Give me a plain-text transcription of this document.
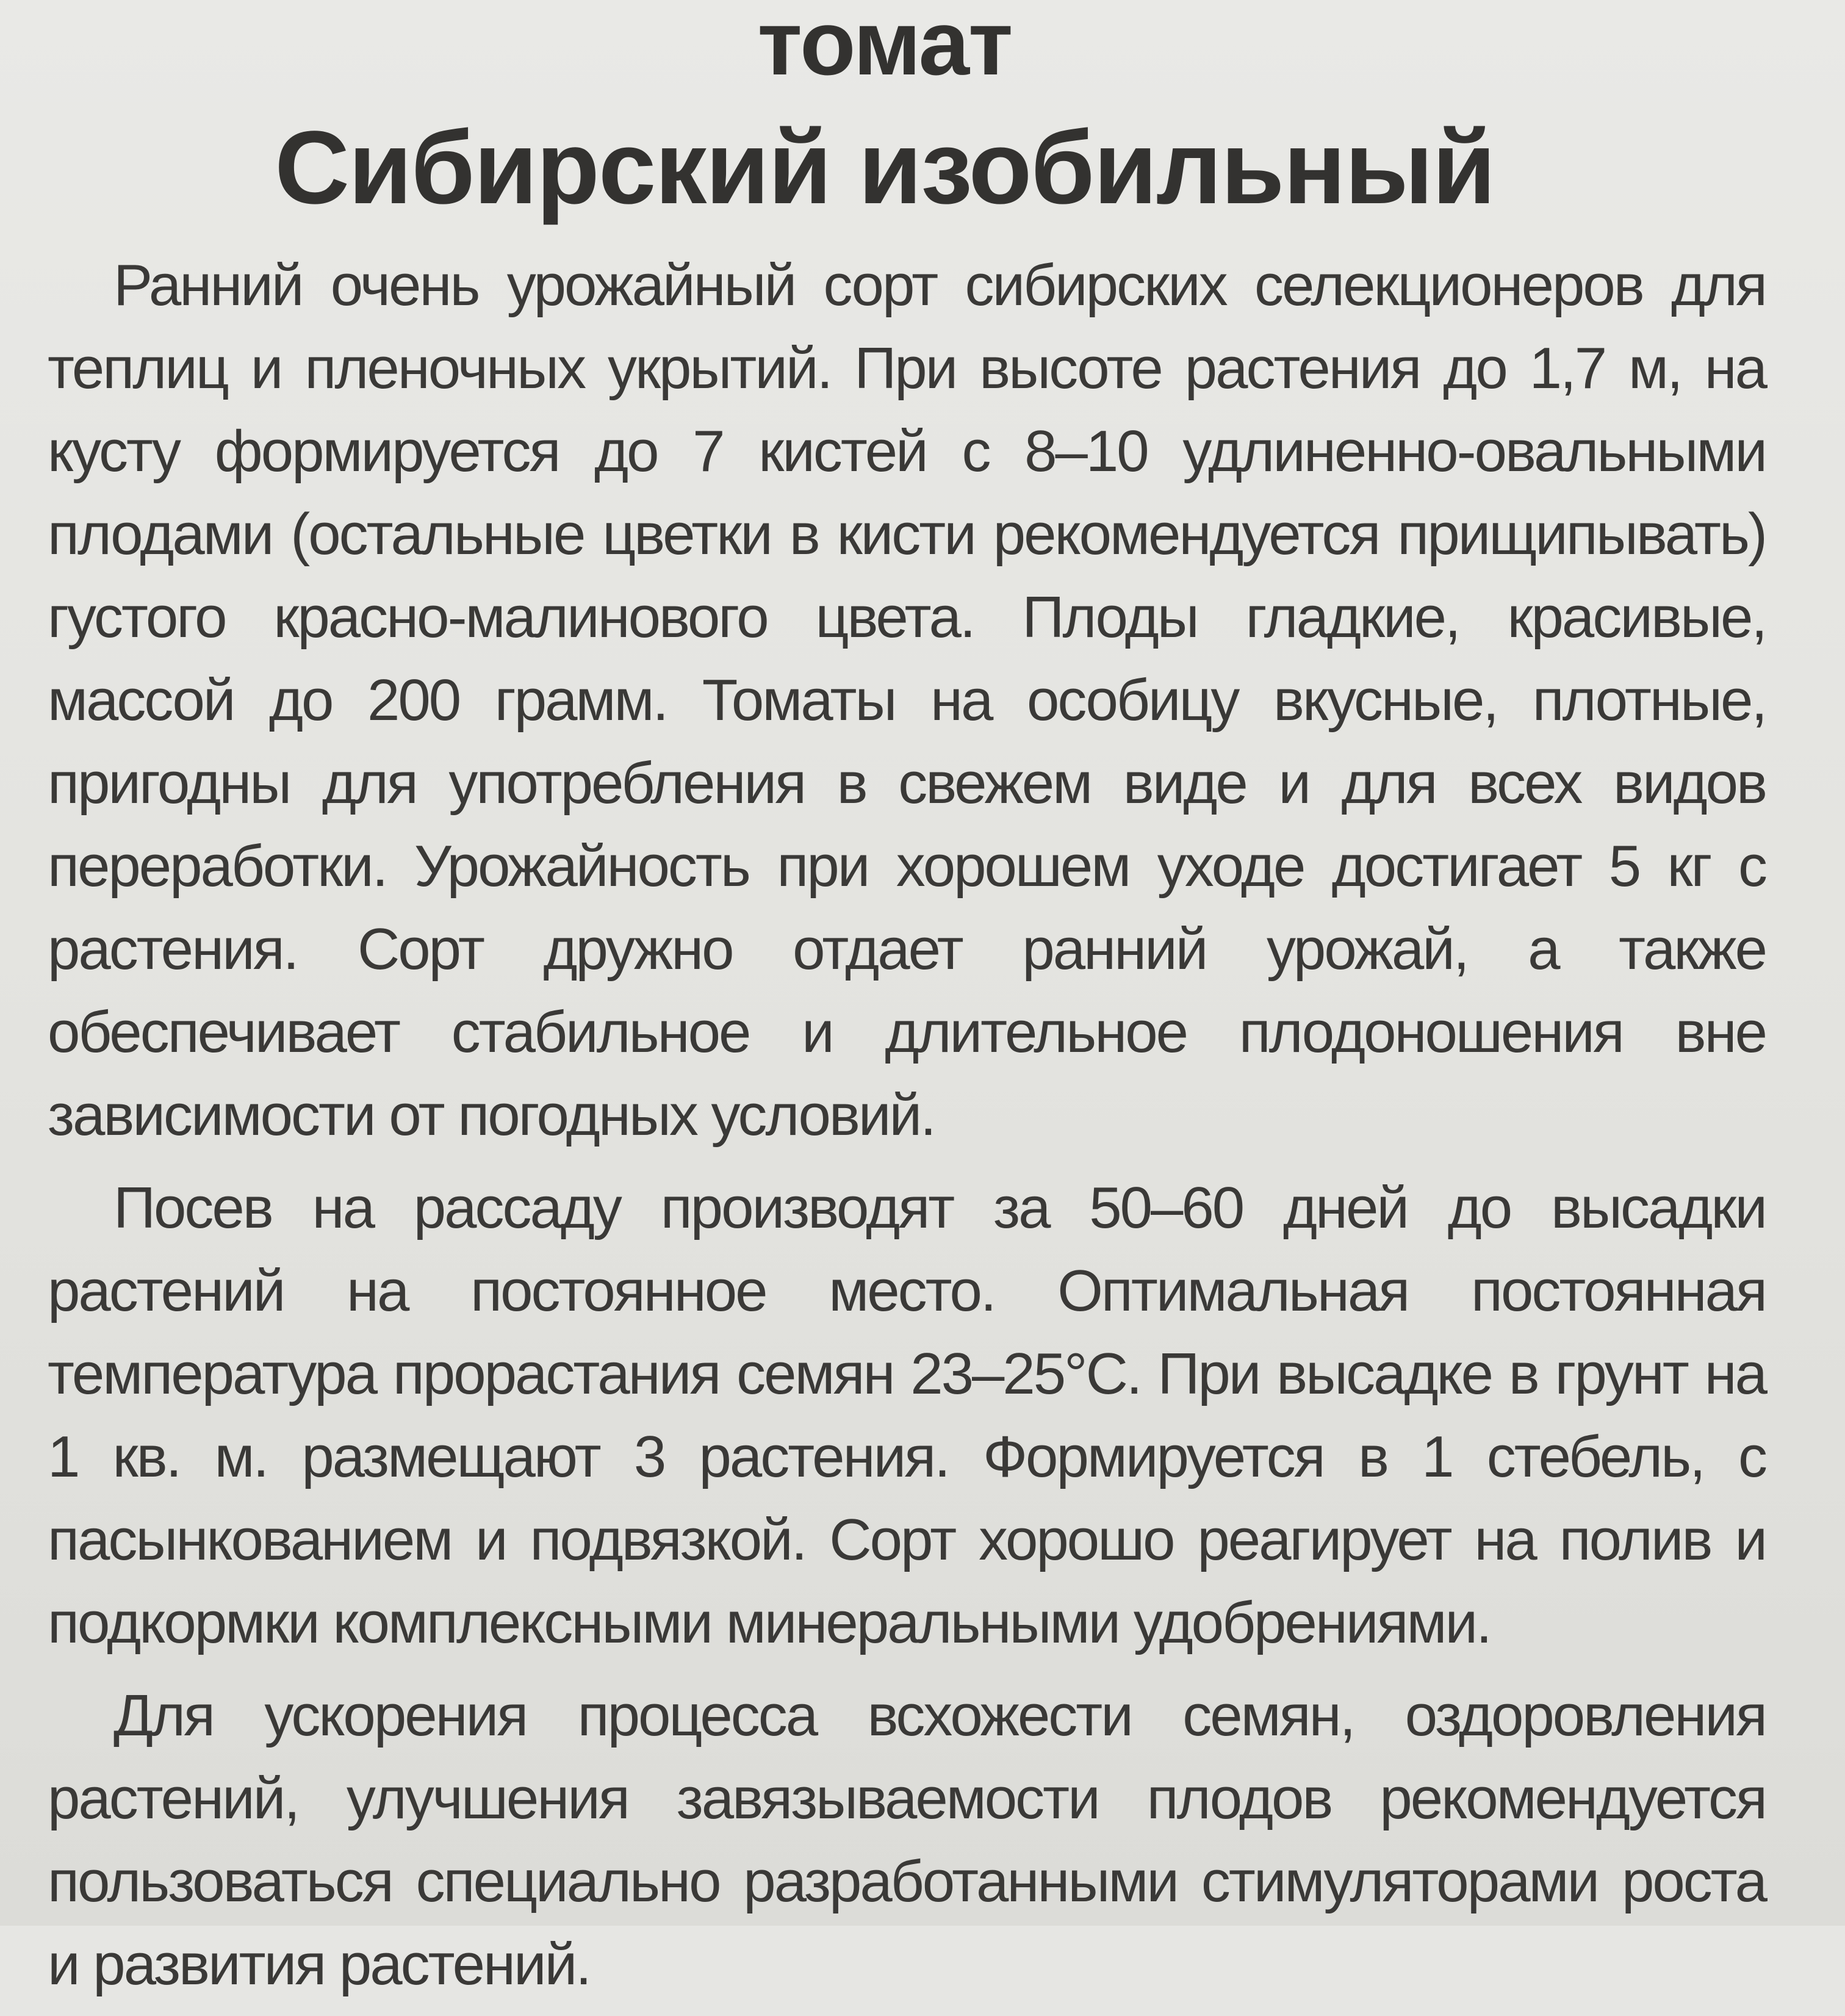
томат
Сибирский изобильный

Ранний очень урожайный сорт сибирских селекционеров для теплиц и пленочных укрытий. При высоте растения до 1,7 м, на кусту формируется до 7 кистей с 8–10 удлиненно-овальными плодами (остальные цветки в кисти рекомендуется прищипывать) густого красно-малинового цвета. Плоды гладкие, красивые, массой до 200 грамм. Томаты на особицу вкусные, плотные, пригодны для употребления в свежем виде и для всех видов переработки. Урожайность при хорошем уходе достигает 5 кг с растения. Сорт дружно отдает ранний урожай, а также обеспечивает стабильное и длительное плодоношения вне зависимости от погодных условий.

Посев на рассаду производят за 50–60 дней до высадки растений на постоянное место. Оптимальная постоянная температура прорастания семян 23–25°С. При высадке в грунт на 1 кв. м. размещают 3 растения. Формируется в 1 стебель, с пасынкованием и подвязкой. Сорт хорошо реагирует на полив и подкормки комплексными минеральными удобрениями.

Для ускорения процесса всхожести семян, оздоровления растений, улучшения завязываемости плодов рекомендуется пользоваться специально разработанными стимуляторами роста и развития растений.
